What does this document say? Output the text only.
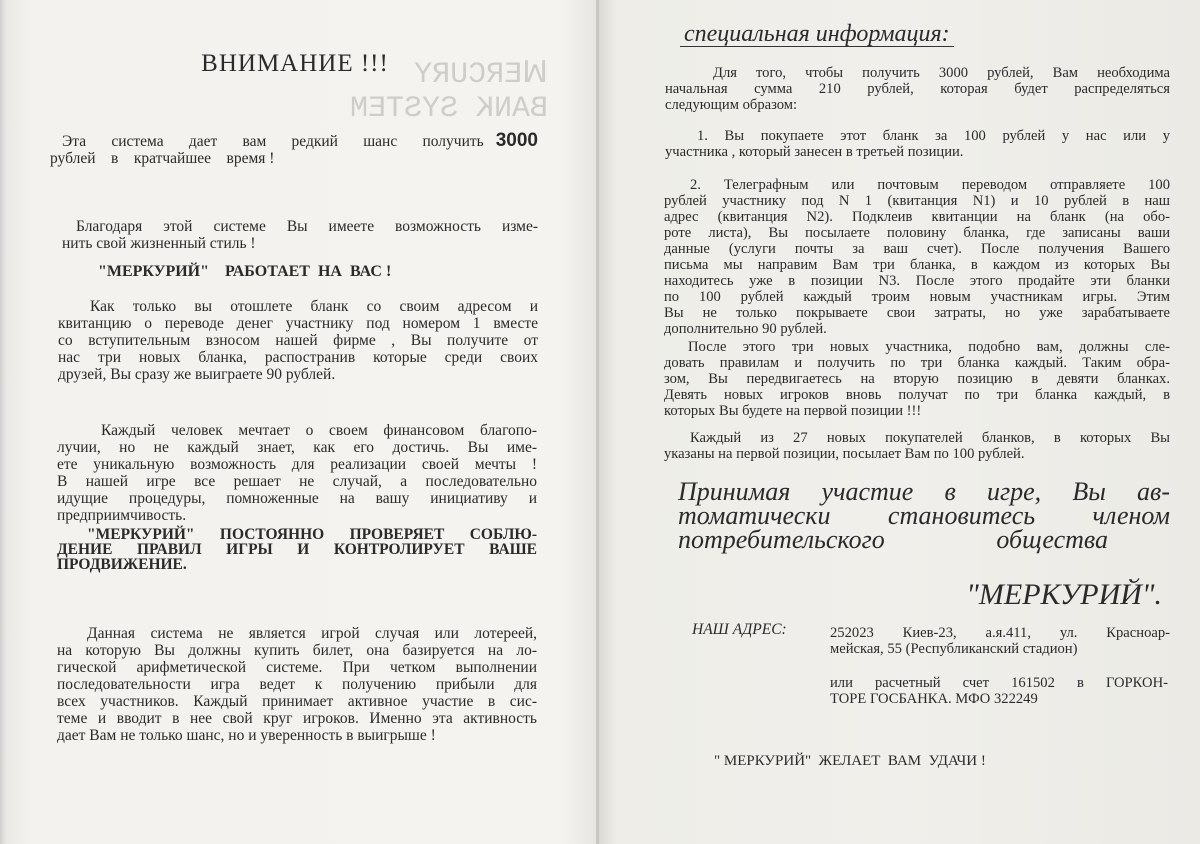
ꟽERCURY
BANK SYSTEM
ВНИМАНИЕ !!!
Эта система дает вам редкий шанс получить 3000
рублей    в    кратчайшее    время !
Благодаря этой системе Вы имеете возможность изме-
нить свой жизненный стиль !
"МЕРКУРИЙ"    РАБОТАЕТ  НА  ВАС !
Как только вы отошлете бланк со своим адресом и
квитанцию о переводе денег участнику под номером 1 вместе
со вступительным взносом нашей фирме , Вы получите от
нас три новых бланка, распостранив которые среди своих
друзей, Вы сразу же выиграете 90 рублей.
Каждый человек мечтает о своем финансовом благопо-
лучии, но не каждый знает, как его достичь. Вы име-
ете уникальную возможность для реализации своей мечты !
В нашей игре все решает не случай, а последовательно
идущие процедуры, помноженные на вашу инициативу и
предприимчивость.
"МЕРКУРИЙ" ПОСТОЯННО ПРОВЕРЯЕТ СОБЛЮ-
ДЕНИЕ ПРАВИЛ ИГРЫ И КОНТРОЛИРУЕТ ВАШЕ
ПРОДВИЖЕНИЕ.
Данная система не является игрой случая или лотереей,
на которую Вы должны купить билет, она базируется на ло-
гической арифметической системе. При четком выполнении
последовательности игра ведет к получению прибыли для
всех участников. Каждый принимает активное участие в сис-
теме и вводит в нее свой круг игроков. Именно эта активность
дает Вам не только шанс, но и уверенность в выигрыше !
специальная информация:
Для того, чтобы получить 3000 рублей, Вам необходима
начальная сумма 210 рублей, которая будет распределяться
следующим образом:
1. Вы покупаете этот бланк за 100 рублей у нас или у
участника , который занесен в третьей позиции.
2. Телеграфным или почтовым переводом отправляете 100
рублей участнику под N 1 (квитанция N1) и 10 рублей в наш
адрес (квитанция N2). Подклеив квитанции на бланк (на обо-
роте листа), Вы посылаете половину бланка, где записаны ваши
данные (услуги почты за ваш счет). После получения Вашего
письма мы направим Вам три бланка, в каждом из которых Вы
находитесь уже в позиции N3. После этого продайте эти бланки
по 100 рублей каждый троим новым участникам игры. Этим
Вы не только покрываете свои затраты, но уже зарабатываете
дополнительно 90 рублей.
После этого три новых участника, подобно вам, должны сле-
довать правилам и получить по три бланка каждый. Таким обра-
зом, Вы передвигаетесь на вторую позицию в девяти бланках.
Девять новых игроков вновь получат по три бланка каждый, в
которых Вы будете на первой позиции !!!
Каждый из 27 новых покупателей бланков, в которых Вы
указаны на первой позиции, посылает Вам по 100 рублей.
Принимая участие в игре, Вы ав-
томатически становитесь членом
потребительского общества
"МЕРКУРИЙ".
НАШ АДРЕС:	252023 Киев-23, а.я.411, ул. Красноар-
мейская, 55 (Республиканский стадион)
или расчетный счет 161502 в ГОРКОН-
ТОРЕ ГОСБАНКА. МФО 322249
" МЕРКУРИЙ"  ЖЕЛАЕТ  ВАМ  УДАЧИ !
